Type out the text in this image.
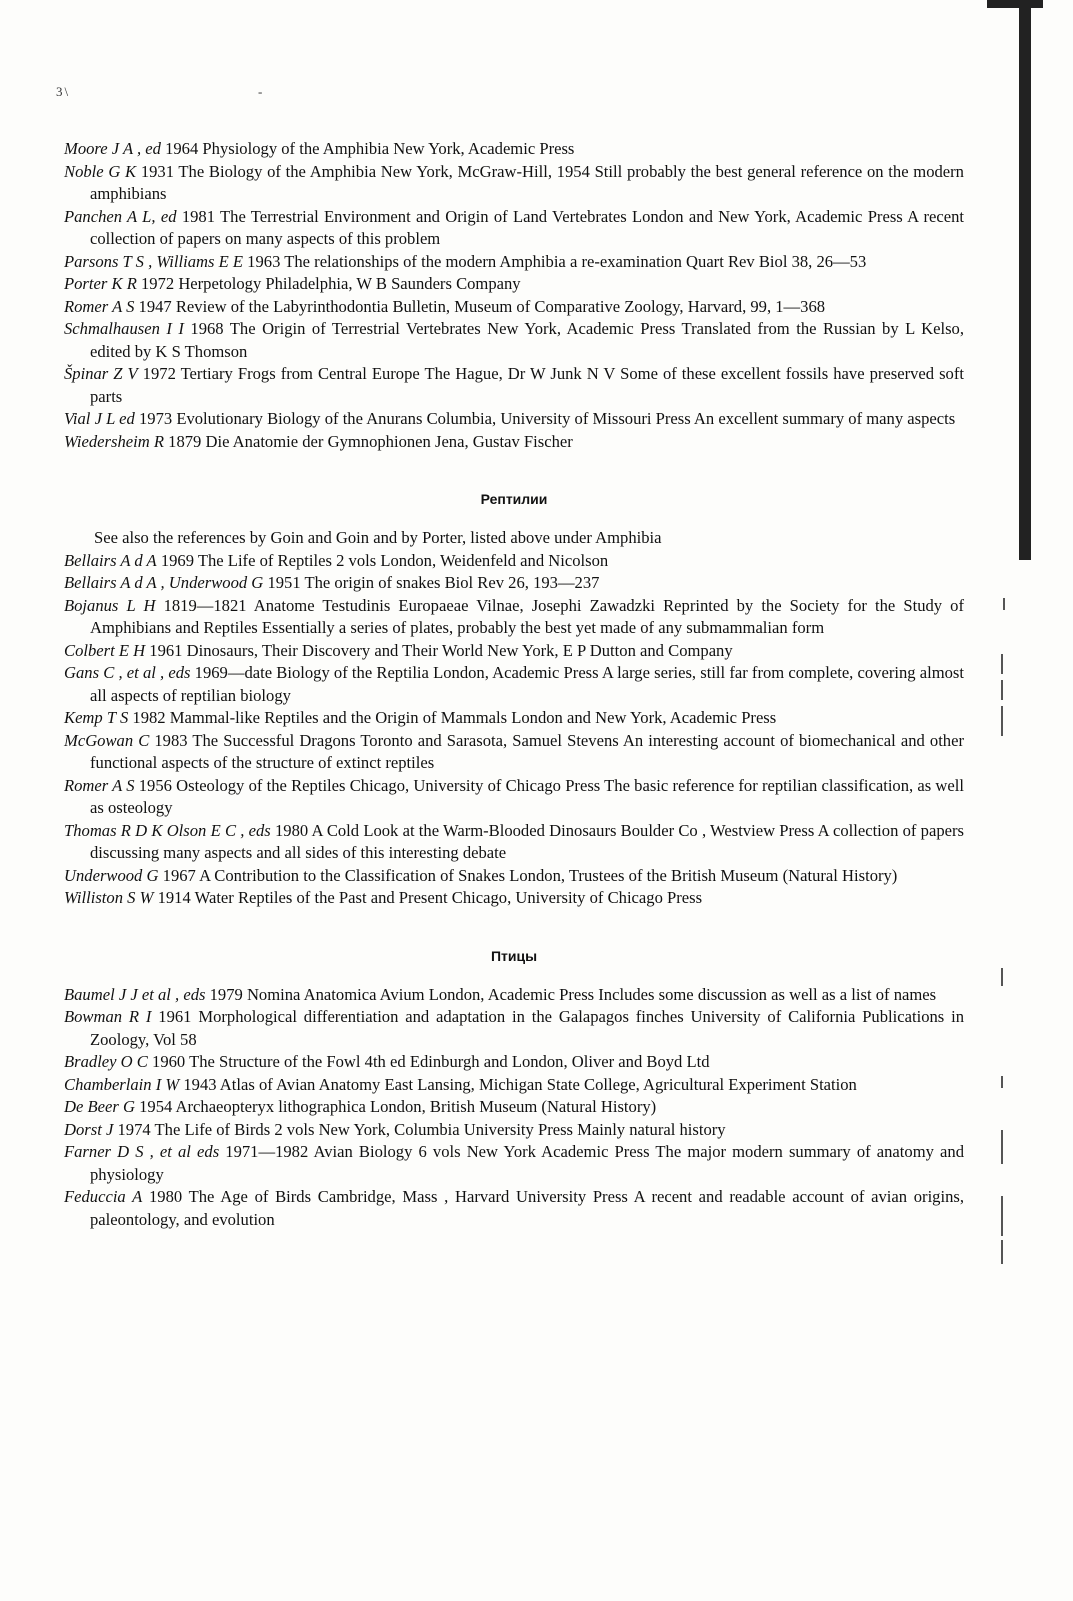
3\	-
Moore J A , ed 1964 Physiology of the Amphibia New York, Academic Press
Noble G K 1931 The Biology of the Amphibia New York, McGraw-Hill, 1954 Still probably the best general reference on the modern amphibians
Panchen A L, ed 1981 The Terrestrial Environment and Origin of Land Vertebrates London and New York, Academic Press A recent collection of papers on many aspects of this problem
Parsons T S , Williams E E 1963 The relationships of the modern Amphibia a re-examination Quart Rev Biol 38, 26—53
Porter K R 1972 Herpetology Philadelphia, W B Saunders Company
Romer A S 1947 Review of the Labyrinthodontia Bulletin, Museum of Comparative Zoology, Harvard, 99, 1—368
Schmalhausen I I 1968 The Origin of Terrestrial Vertebrates New York, Academic Press Translated from the Russian by L Kelso, edited by K S Thomson
Špinar Z V 1972 Tertiary Frogs from Central Europe The Hague, Dr W Junk N V Some of these excellent fossils have preserved soft parts
Vial J L ed 1973 Evolutionary Biology of the Anurans Columbia, University of Missouri Press An excellent summary of many aspects
Wiedersheim R 1879 Die Anatomie der Gymnophionen Jena, Gustav Fischer
Рептилии
See also the references by Goin and Goin and by Porter, listed above under Amphibia
Bellairs A d A 1969 The Life of Reptiles 2 vols London, Weidenfeld and Nicolson
Bellairs A d A , Underwood G 1951 The origin of snakes Biol Rev 26, 193—237
Bojanus L H 1819—1821 Anatome Testudinis Europaeae Vilnae, Josephi Zawadzki Reprinted by the Society for the Study of Amphibians and Reptiles Essentially a series of plates, probably the best yet made of any submammalian form
Colbert E H 1961 Dinosaurs, Their Discovery and Their World New York, E P Dutton and Company
Gans C , et al , eds 1969—date Biology of the Reptilia London, Academic Press A large series, still far from complete, covering almost all aspects of reptilian biology
Kemp T S 1982 Mammal-like Reptiles and the Origin of Mammals London and New York, Academic Press
McGowan C 1983 The Successful Dragons Toronto and Sarasota, Samuel Stevens An interesting account of biomechanical and other functional aspects of the structure of extinct reptiles
Romer A S 1956 Osteology of the Reptiles Chicago, University of Chicago Press The basic reference for reptilian classification, as well as osteology
Thomas R D K Olson E C , eds 1980 A Cold Look at the Warm-Blooded Dinosaurs Boulder Co , Westview Press A collection of papers discussing many aspects and all sides of this interesting debate
Underwood G 1967 A Contribution to the Classification of Snakes London, Trustees of the British Museum (Natural History)
Williston S W 1914 Water Reptiles of the Past and Present Chicago, University of Chicago Press
Птицы
Baumel J J et al , eds 1979 Nomina Anatomica Avium London, Academic Press Includes some discussion as well as a list of names
Bowman R I 1961 Morphological differentiation and adaptation in the Galapagos finches University of California Publications in Zoology, Vol 58
Bradley O C 1960 The Structure of the Fowl 4th ed Edinburgh and London, Oliver and Boyd Ltd
Chamberlain I W 1943 Atlas of Avian Anatomy East Lansing, Michigan State College, Agricultural Experiment Station
De Beer G 1954 Archaeopteryx lithographica London, British Museum (Natural History)
Dorst J 1974 The Life of Birds 2 vols New York, Columbia University Press Mainly natural history
Farner D S , et al eds 1971—1982 Avian Biology 6 vols New York Academic Press The major modern summary of anatomy and physiology
Feduccia A 1980 The Age of Birds Cambridge, Mass , Harvard University Press A recent and readable account of avian origins, paleontology, and evolution
